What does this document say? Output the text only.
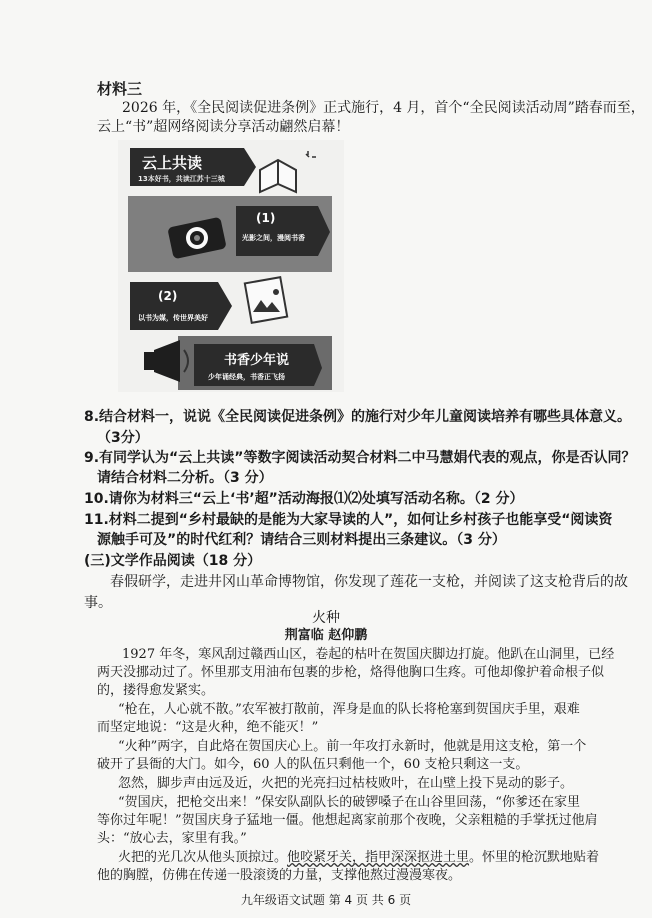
材料三
2026 年，《全民阅读促进条例》正式施行，4 月，首个“全民阅读活动周”踏春而至，
云上“书”超网络阅读分享活动翩然启幕！
云上共读
13本好书，共读江苏十三城
(1)
光影之间，漫阅书香
(2)
以书为媒，传世界美好
书香少年说
少年诵经典，书香正飞扬
8.结合材料一，说说《全民阅读促进条例》的施行对少年儿童阅读培养有哪些具体意义。
（3分）
9.有同学认为“云上共读”等数字阅读活动契合材料二中马慧娟代表的观点，你是否认同？
请结合材料二分析。（3 分）
10.请你为材料三“云上‘书’超”活动海报⑴⑵处填写活动名称。（2 分）
11.材料二提到“乡村最缺的是能为大家导读的人”，如何让乡村孩子也能享受“阅读资
源触手可及”的时代红利？请结合三则材料提出三条建议。（3 分）
(三)文学作品阅读（18 分）
春假研学，走进井冈山革命博物馆，你发现了莲花一支枪，并阅读了这支枪背后的故
事。
火种
荆富临 赵仰鹏
1927 年冬，寒风刮过赣西山区，卷起的枯叶在贺国庆脚边打旋。他趴在山洞里，已经
两天没挪动过了。怀里那支用油布包裹的步枪，烙得他胸口生疼。可他却像护着命根子似
的，搂得愈发紧实。
“枪在，人心就不散。”农军被打散前，浑身是血的队长将枪塞到贺国庆手里，艰难
而坚定地说：“这是火种，绝不能灭！”
“火种”两字，自此烙在贺国庆心上。前一年攻打永新时，他就是用这支枪，第一个
破开了县衙的大门。如今，60 人的队伍只剩他一个，60 支枪只剩这一支。
忽然，脚步声由远及近，火把的光亮扫过枯枝败叶，在山壁上投下晃动的影子。
“贺国庆，把枪交出来！”保安队副队长的破锣嗓子在山谷里回荡，“你爹还在家里
等你过年呢！”贺国庆身子猛地一僵。他想起离家前那个夜晚，父亲粗糙的手掌抚过他肩
头：“放心去，家里有我。”
火把的光几次从他头顶掠过。他咬紧牙关，指甲深深抠进土里。怀里的枪沉默地贴着
他的胸膛，仿佛在传递一股滚烫的力量，支撑他熬过漫漫寒夜。
九年级语文试题 第 4 页 共 6 页
